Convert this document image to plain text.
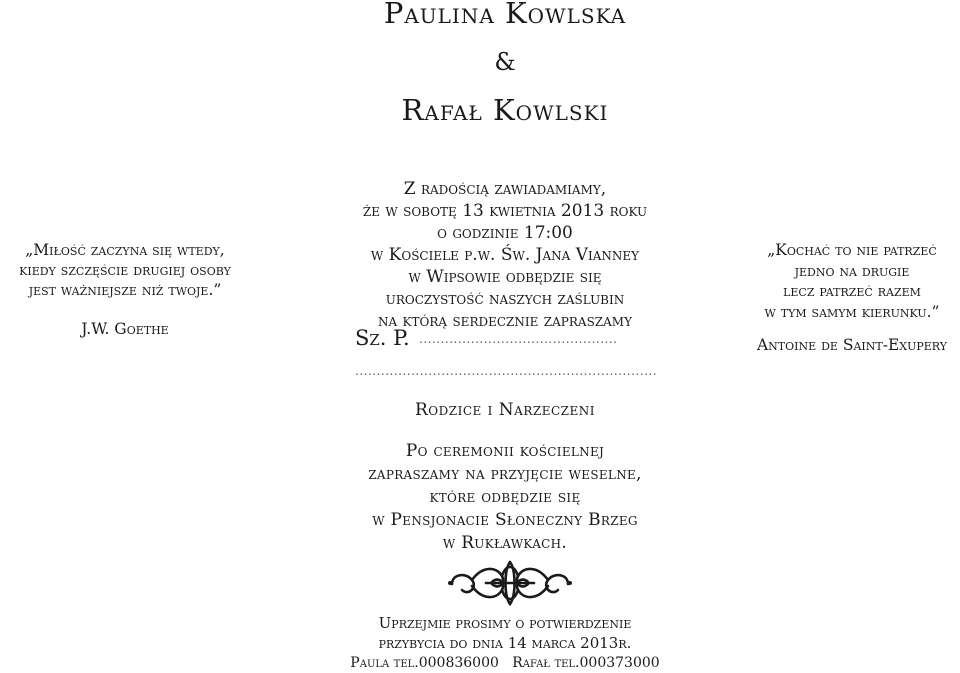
Paulina Kowlska
&
Rafał Kowlski
Z radością zawiadamiamy,
że w sobotę 13 kwietnia 2013 roku
o godzinie 17:00
w Kościele p.w. Św. Jana Vianney
w Wipsowie odbędzie się
uroczystość naszych zaślubin
na którą serdecznie zapraszamy
„Miłość zaczyna się wtedy,
kiedy szczęście drugiej osoby
jest ważniejsze niż twoje.”
J.W. Goethe
„Kochać to nie patrzeć
jedno na drugie
lecz patrzeć razem
w tym samym kierunku.”
Antoine de Saint-Exupery
Sz. P. ..............................................
......................................................................
Rodzice i Narzeczeni
Po ceremonii kościelnej
zapraszamy na przyjęcie weselne,
które odbędzie się
w Pensjonacie Słoneczny Brzeg
w Rukławkach.
Uprzejmie prosimy o potwierdzenie
przybycia do dnia 14 marca 2013r.
Paula tel.000836000   Rafał tel.000373000
